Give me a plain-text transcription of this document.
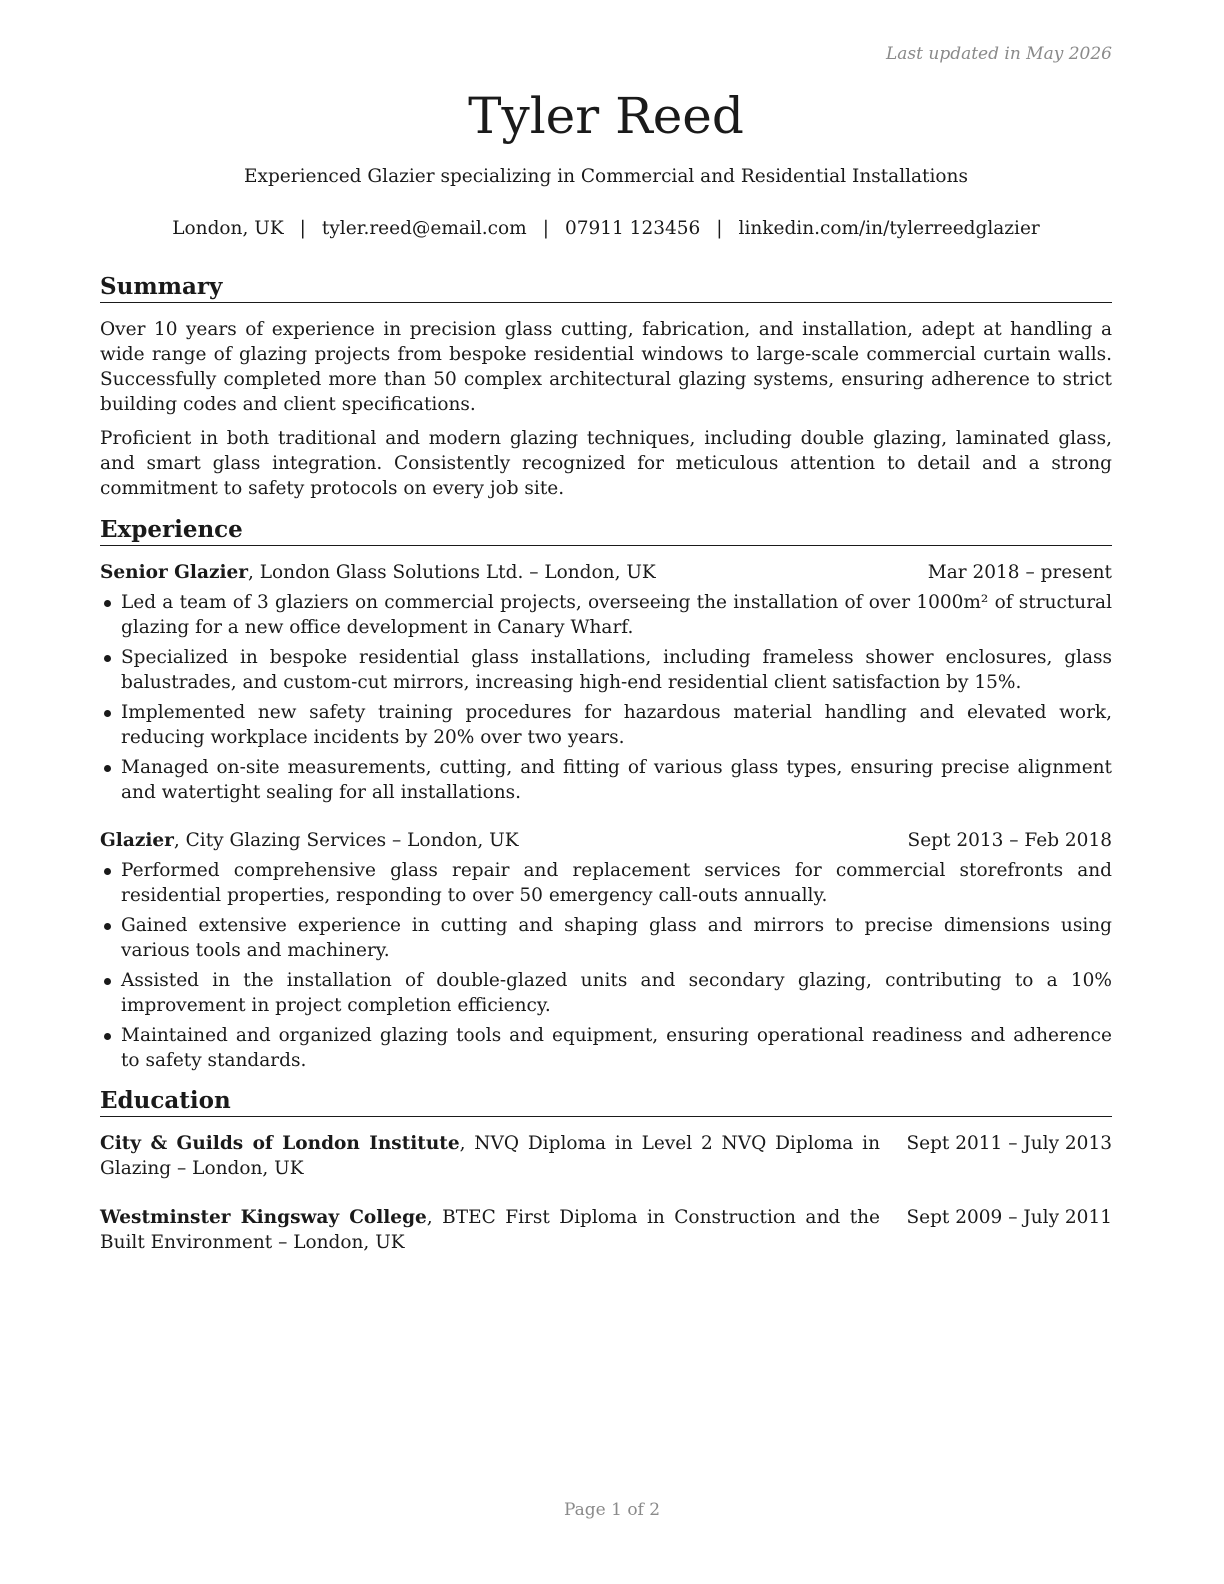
Last updated in May 2026
Tyler Reed
Experienced Glazier specializing in Commercial and Residential Installations
London, UK | tyler.reed@email.com | 07911 123456 | linkedin.com/in/tylerreedglazier
Summary

Over 10 years of experience in precision glass cutting, fabrication, and installation, adept at handling a wide range of glazing projects from bespoke residential windows to large-scale commercial curtain walls. Successfully completed more than 50 complex architectural glazing systems, ensuring adherence to strict building codes and client specifications.

Proficient in both traditional and modern glazing techniques, including double glazing, laminated glass, and smart glass integration. Consistently recognized for meticulous attention to detail and a strong commitment to safety protocols on every job site.

Experience
Senior Glazier, London Glass Solutions Ltd. – London, UK	Mar 2018 – present
Led a team of 3 glaziers on commercial projects, overseeing the installation of over 1000m² of structural glazing for a new office development in Canary Wharf.
Specialized in bespoke residential glass installations, including frameless shower enclosures, glass balustrades, and custom-cut mirrors, increasing high-end residential client satisfaction by 15%.
Implemented new safety training procedures for hazardous material handling and elevated work, reducing workplace incidents by 20% over two years.
Managed on-site measurements, cutting, and fitting of various glass types, ensuring precise alignment and watertight sealing for all installations.
Glazier, City Glazing Services – London, UK	Sept 2013 – Feb 2018
Performed comprehensive glass repair and replacement services for commercial storefronts and residential properties, responding to over 50 emergency call-outs annually.
Gained extensive experience in cutting and shaping glass and mirrors to precise dimensions using various tools and machinery.
Assisted in the installation of double-glazed units and secondary glazing, contributing to a 10% improvement in project completion efficiency.
Maintained and organized glazing tools and equipment, ensuring operational readiness and adherence to safety standards.
Education
City & Guilds of London Institute, NVQ Diploma in Level 2 NVQ Diploma in Glazing – London, UK
Sept 2011 – July 2013
Westminster Kingsway College, BTEC First Diploma in Construction and the Built Environment – London, UK
Sept 2009 – July 2011
Page 1 of 2
